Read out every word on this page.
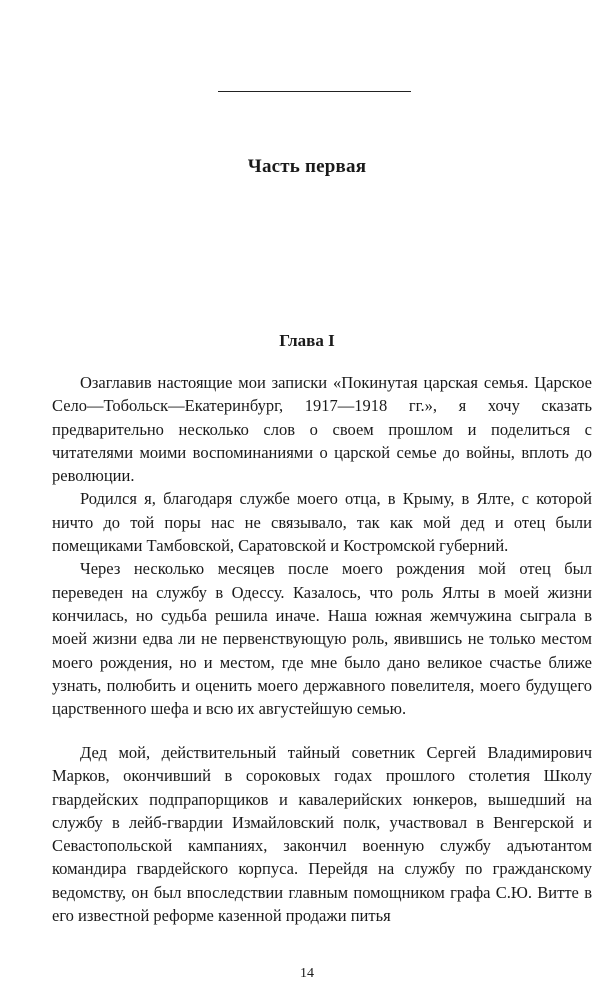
Часть первая
Глава I

Озаглавив настоящие мои записки «Покинутая царская семья. Царское Село—Тобольск—Екатеринбург, 1917—1918 гг.», я хочу сказать предварительно несколько слов о своем прошлом и поделиться с читателями моими воспоминаниями о царской семье до войны, вплоть до революции.

Родился я, благодаря службе моего отца, в Крыму, в Ялте, с которой ничто до той поры нас не связывало, так как мой дед и отец были помещиками Тамбовской, Саратовской и Костромской губерний.

Через несколько месяцев после моего рождения мой отец был переведен на службу в Одессу. Казалось, что роль Ялты в моей жизни кончилась, но судьба решила иначе. Наша южная жемчужина сыграла в моей жизни едва ли не первенствующую роль, явившись не только местом моего рождения, но и местом, где мне было дано великое счастье ближе узнать, полюбить и оценить моего державного повелителя, моего будущего царственного шефа и всю их августейшую семью.

Дед мой, действительный тайный советник Сергей Владимирович Марков, окончивший в сороковых годах прошлого столетия Школу гвардейских подпрапорщиков и кавалерийских юнкеров, вышедший на службу в лейб-гвардии Измайловский полк, участвовал в Венгерской и Севастопольской кампаниях, закончил военную службу адъютантом командира гвардейского корпуса. Перейдя на службу по гражданскому ведомству, он был впоследствии главным помощником графа С.Ю. Витте в его известной реформе казенной продажи питья

14
